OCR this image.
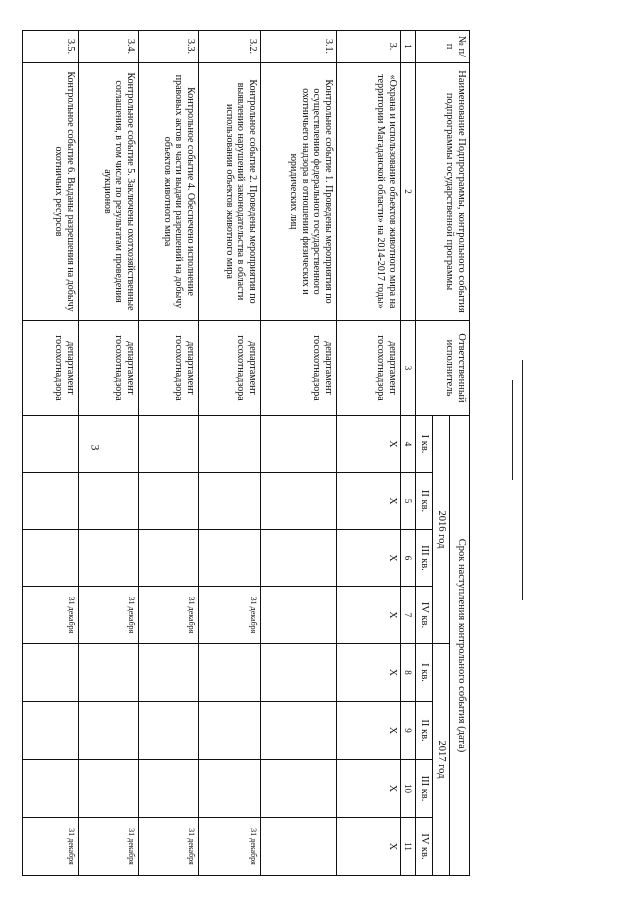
3
№ п/п	Наименование Подпрограммы, контрольного события подпрограммы государственной программы	Ответственный исполнитель	Срок наступления контрольного события (дата)							
			2016 год				2017 год			
			I кв.	II кв.	III кв.	IV кв.	I кв.	II кв.	III кв.	IV кв.
1	2	3	4	5	6	7	8	9	10	11
3.	«Охрана и использование объектов животного мира на территории Магаданской области» на 2014-2017 годы»	департамент госохотнадзора	X	X	X	X	X	X	X	X
3.1.	Контрольное событие 1. Проведены мероприятия по осуществлению федерального государственного охотничьего надзора в отношении физических и юридических лиц	департамент госохотнадзора								
3.2.	Контрольное событие 2. Проведены мероприятия по выявлению нарушений законодательства в области использования объектов животного мира	департамент госохотнадзора				31 декабря				31 декабря
3.3.	Контрольное событие 4. Обеспечено исполнение правовых актов в части выдачи разрешений на добычу объектов животного мира	департамент госохотнадзора				31 декабря				31 декабря
3.4.	Контрольное событие 5. Заключены охотхозяйственные соглашения, в том числе по результатам проведения аукционов	департамент госохотнадзора				31 декабря				31 декабря
3.5.	Контрольное событие 6. Выданы разрешения на добычу охотничьих ресурсов	департамент госохотнадзора				31 декабря				31 декабря
